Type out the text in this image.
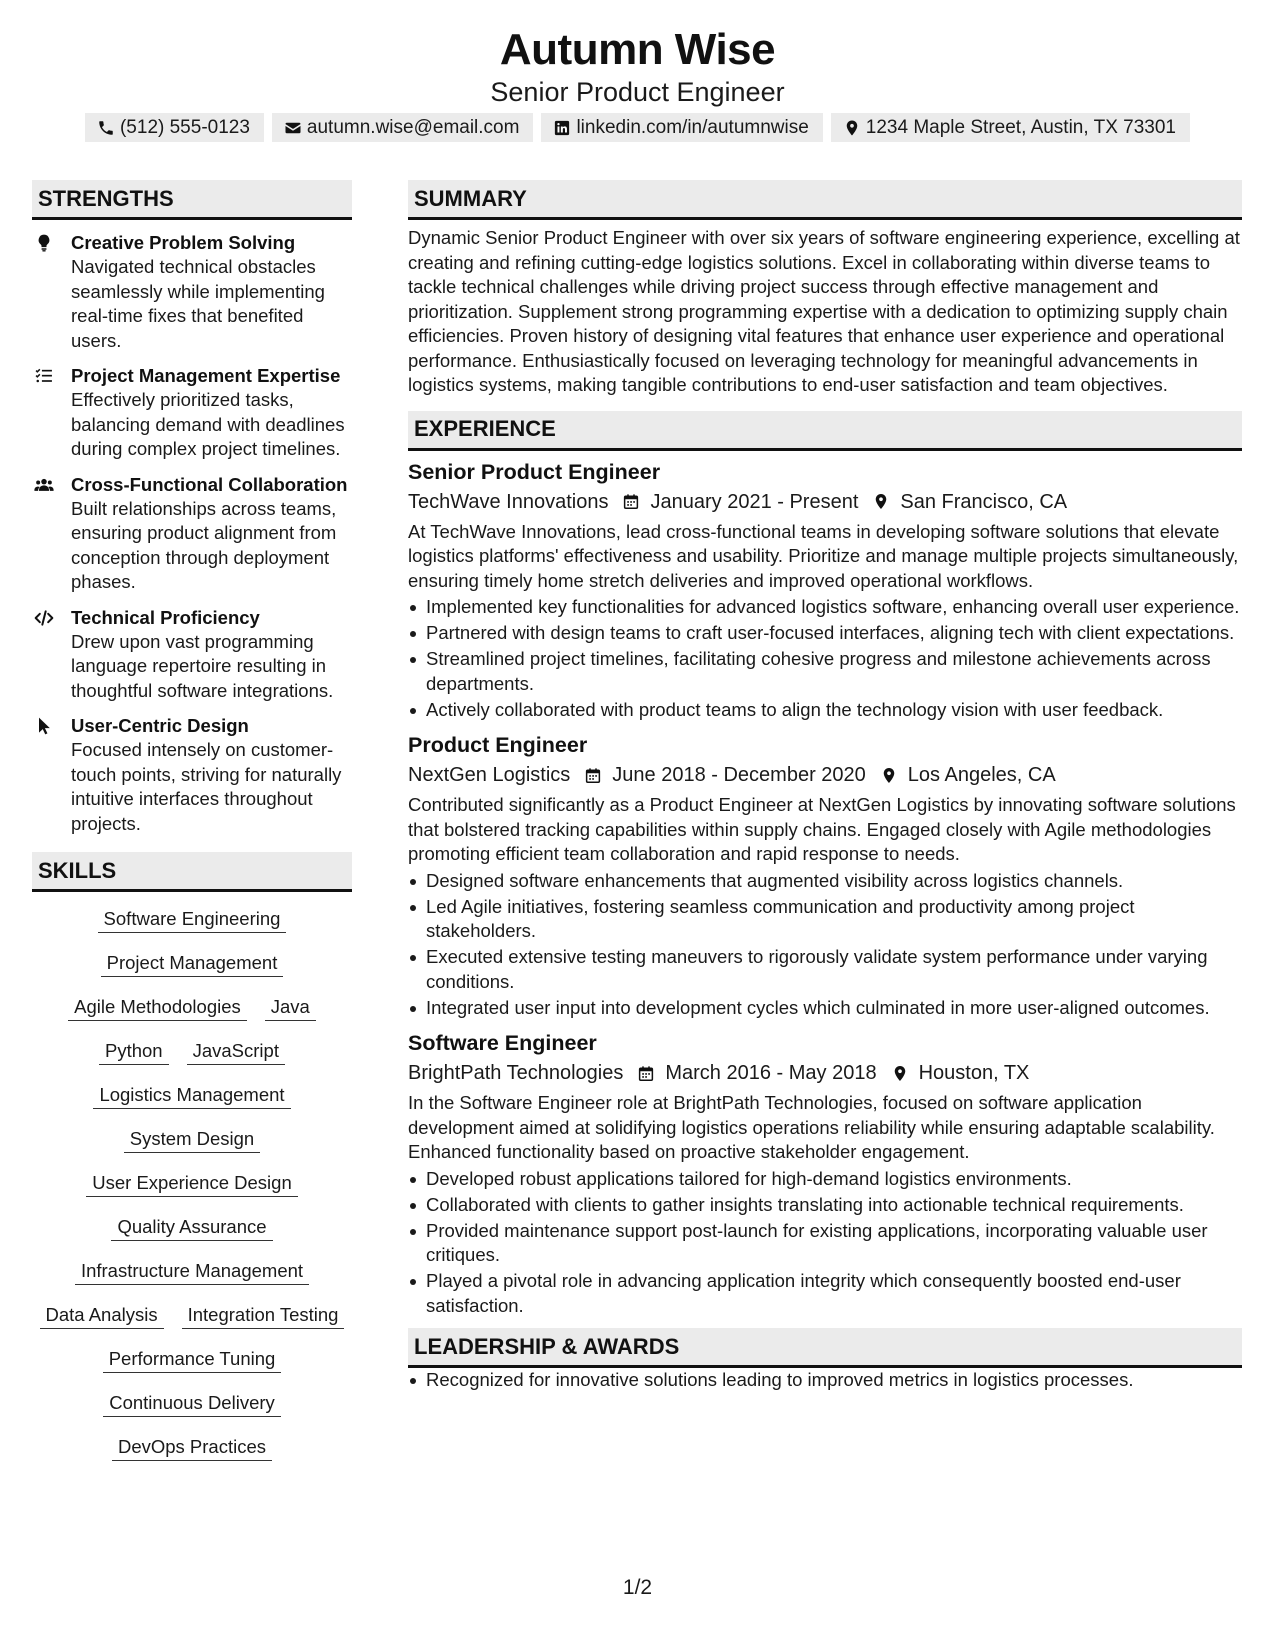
Autumn Wise
Senior Product Engineer
(512) 555-0123	autumn.wise@email.com	linkedin.com/in/autumnwise	1234 Maple Street, Austin, TX 73301
STRENGTHS
Creative Problem Solving
Navigated technical obstacles seamlessly while implementing real-time fixes that benefited users.
Project Management Expertise
Effectively prioritized tasks, balancing demand with deadlines during complex project timelines.
Cross-Functional Collaboration
Built relationships across teams, ensuring product alignment from conception through deployment phases.
Technical Proficiency
Drew upon vast programming language repertoire resulting in thoughtful software integrations.
User-Centric Design
Focused intensely on customer-touch points, striving for naturally intuitive interfaces throughout projects.
SKILLS
Software Engineering
Project Management
Agile Methodologies	Java
Python	JavaScript
Logistics Management
System Design
User Experience Design
Quality Assurance
Infrastructure Management
Data Analysis	Integration Testing
Performance Tuning
Continuous Delivery
DevOps Practices
SUMMARY
Dynamic Senior Product Engineer with over six years of software engineering experience, excelling at creating and refining cutting-edge logistics solutions. Excel in collaborating within diverse teams to tackle technical challenges while driving project success through effective management and prioritization. Supplement strong programming expertise with a dedication to optimizing supply chain efficiencies. Proven history of designing vital features that enhance user experience and operational performance. Enthusiastically focused on leveraging technology for meaningful advancements in logistics systems, making tangible contributions to end-user satisfaction and team objectives.
EXPERIENCE
Senior Product Engineer
TechWave Innovations January 2021 - Present San Francisco, CA
At TechWave Innovations, lead cross-functional teams in developing software solutions that elevate logistics platforms' effectiveness and usability. Prioritize and manage multiple projects simultaneously, ensuring timely home stretch deliveries and improved operational workflows.
Implemented key functionalities for advanced logistics software, enhancing overall user experience.
Partnered with design teams to craft user-focused interfaces, aligning tech with client expectations.
Streamlined project timelines, facilitating cohesive progress and milestone achievements across departments.
Actively collaborated with product teams to align the technology vision with user feedback.
Product Engineer
NextGen Logistics June 2018 - December 2020 Los Angeles, CA
Contributed significantly as a Product Engineer at NextGen Logistics by innovating software solutions that bolstered tracking capabilities within supply chains. Engaged closely with Agile methodologies promoting efficient team collaboration and rapid response to needs.
Designed software enhancements that augmented visibility across logistics channels.
Led Agile initiatives, fostering seamless communication and productivity among project stakeholders.
Executed extensive testing maneuvers to rigorously validate system performance under varying conditions.
Integrated user input into development cycles which culminated in more user-aligned outcomes.
Software Engineer
BrightPath Technologies March 2016 - May 2018 Houston, TX
In the Software Engineer role at BrightPath Technologies, focused on software application development aimed at solidifying logistics operations reliability while ensuring adaptable scalability. Enhanced functionality based on proactive stakeholder engagement.
Developed robust applications tailored for high-demand logistics environments.
Collaborated with clients to gather insights translating into actionable technical requirements.
Provided maintenance support post-launch for existing applications, incorporating valuable user critiques.
Played a pivotal role in advancing application integrity which consequently boosted end-user satisfaction.
LEADERSHIP & AWARDS
Recognized for innovative solutions leading to improved metrics in logistics processes.
1/2
